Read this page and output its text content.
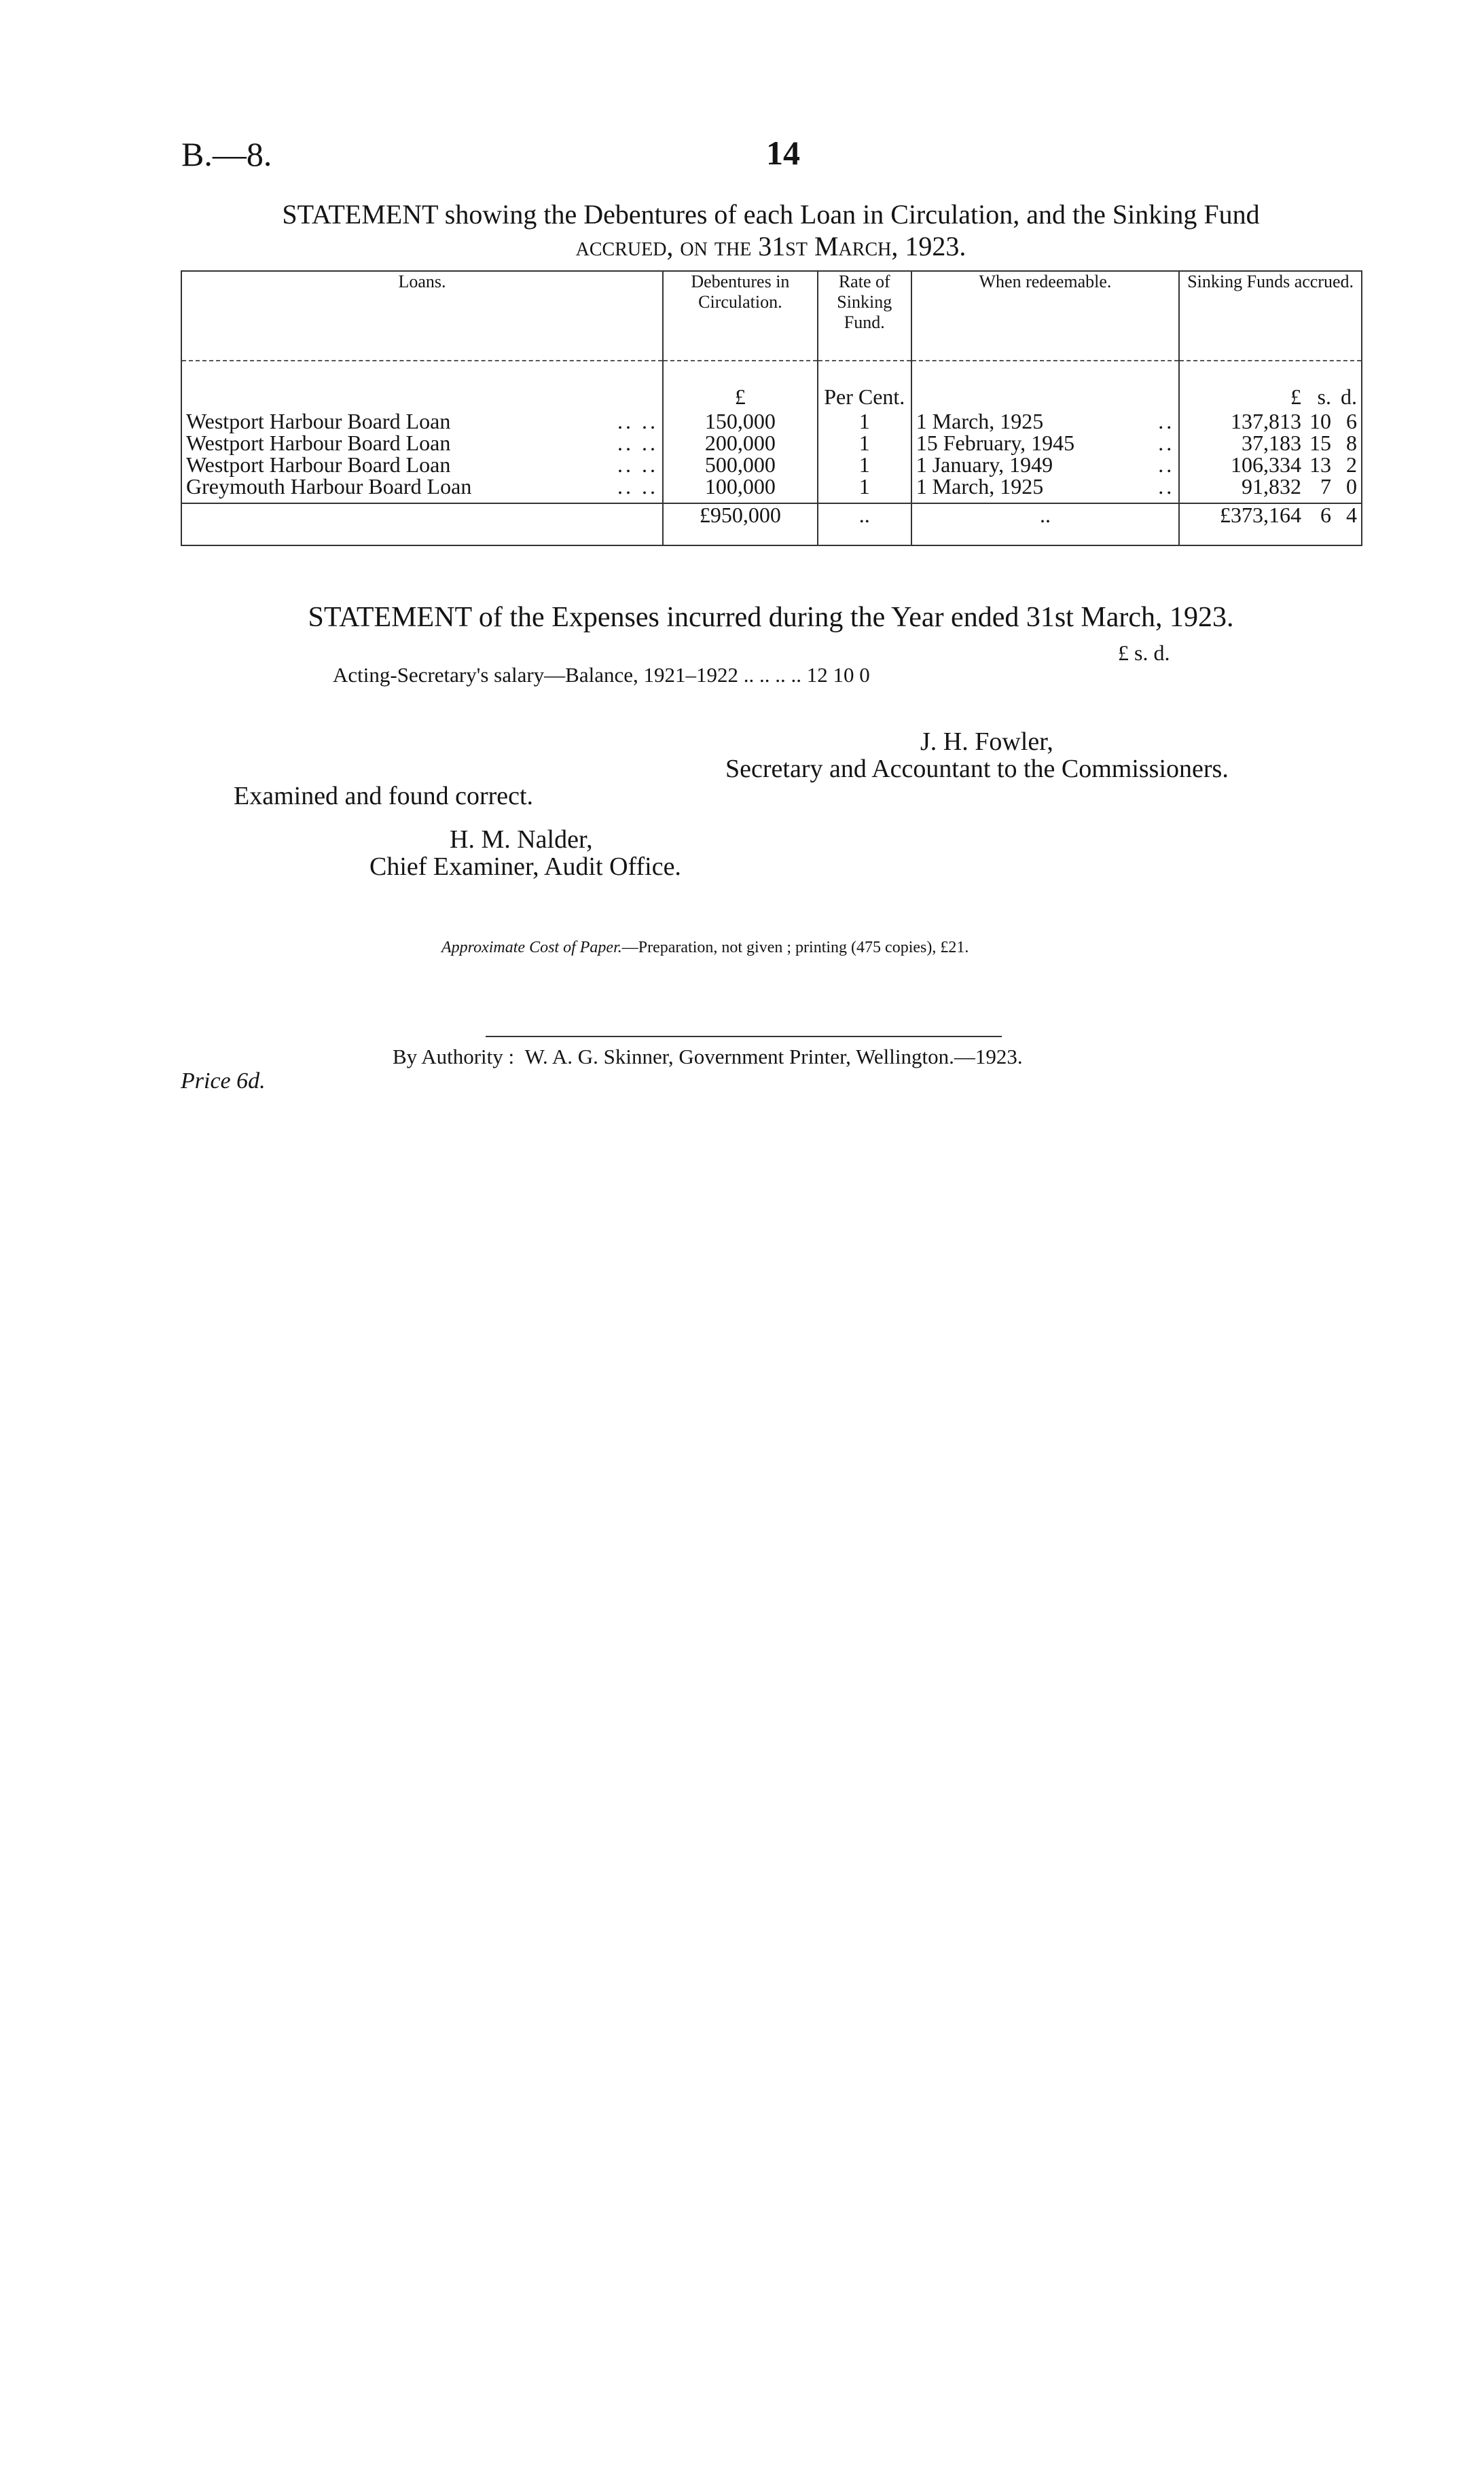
B.—8.	14
STATEMENT showing the Debentures of each Loan in Circulation, and the Sinking Fund
accrued, on the 31st March, 1923.
Loans.	Debentures in Circulation.	Rate of Sinking Fund.	When redeemable.	Sinking Funds accrued.

	£	Per Cent.		£ s. d.
Westport Harbour Board Loan .. ..	150,000	1	1 March, 1925 ..	137,813 10 6
Westport Harbour Board Loan .. ..	200,000	1	15 February, 1945 ..	37,183 15 8
Westport Harbour Board Loan .. ..	500,000	1	1 January, 1949 ..	106,334 13 2
Greymouth Harbour Board Loan .. ..	100,000	1	1 March, 1925 ..	91,832 7 0

	£950,000	..	..	£373,164 6 4
STATEMENT of the Expenses incurred during the Year ended 31st March, 1923.
£ s. d.
Acting-Secretary's salary—Balance, 1921–1922 .. .. .. .. 12 10 0
J. H. Fowler,
Secretary and Accountant to the Commissioners.
Examined and found correct.
H. M. Nalder,
Chief Examiner, Audit Office.
Approximate Cost of Paper.—Preparation, not given ; printing (475 copies), £21.
By Authority : W. A. G. Skinner, Government Printer, Wellington.—1923.
Price 6d.
